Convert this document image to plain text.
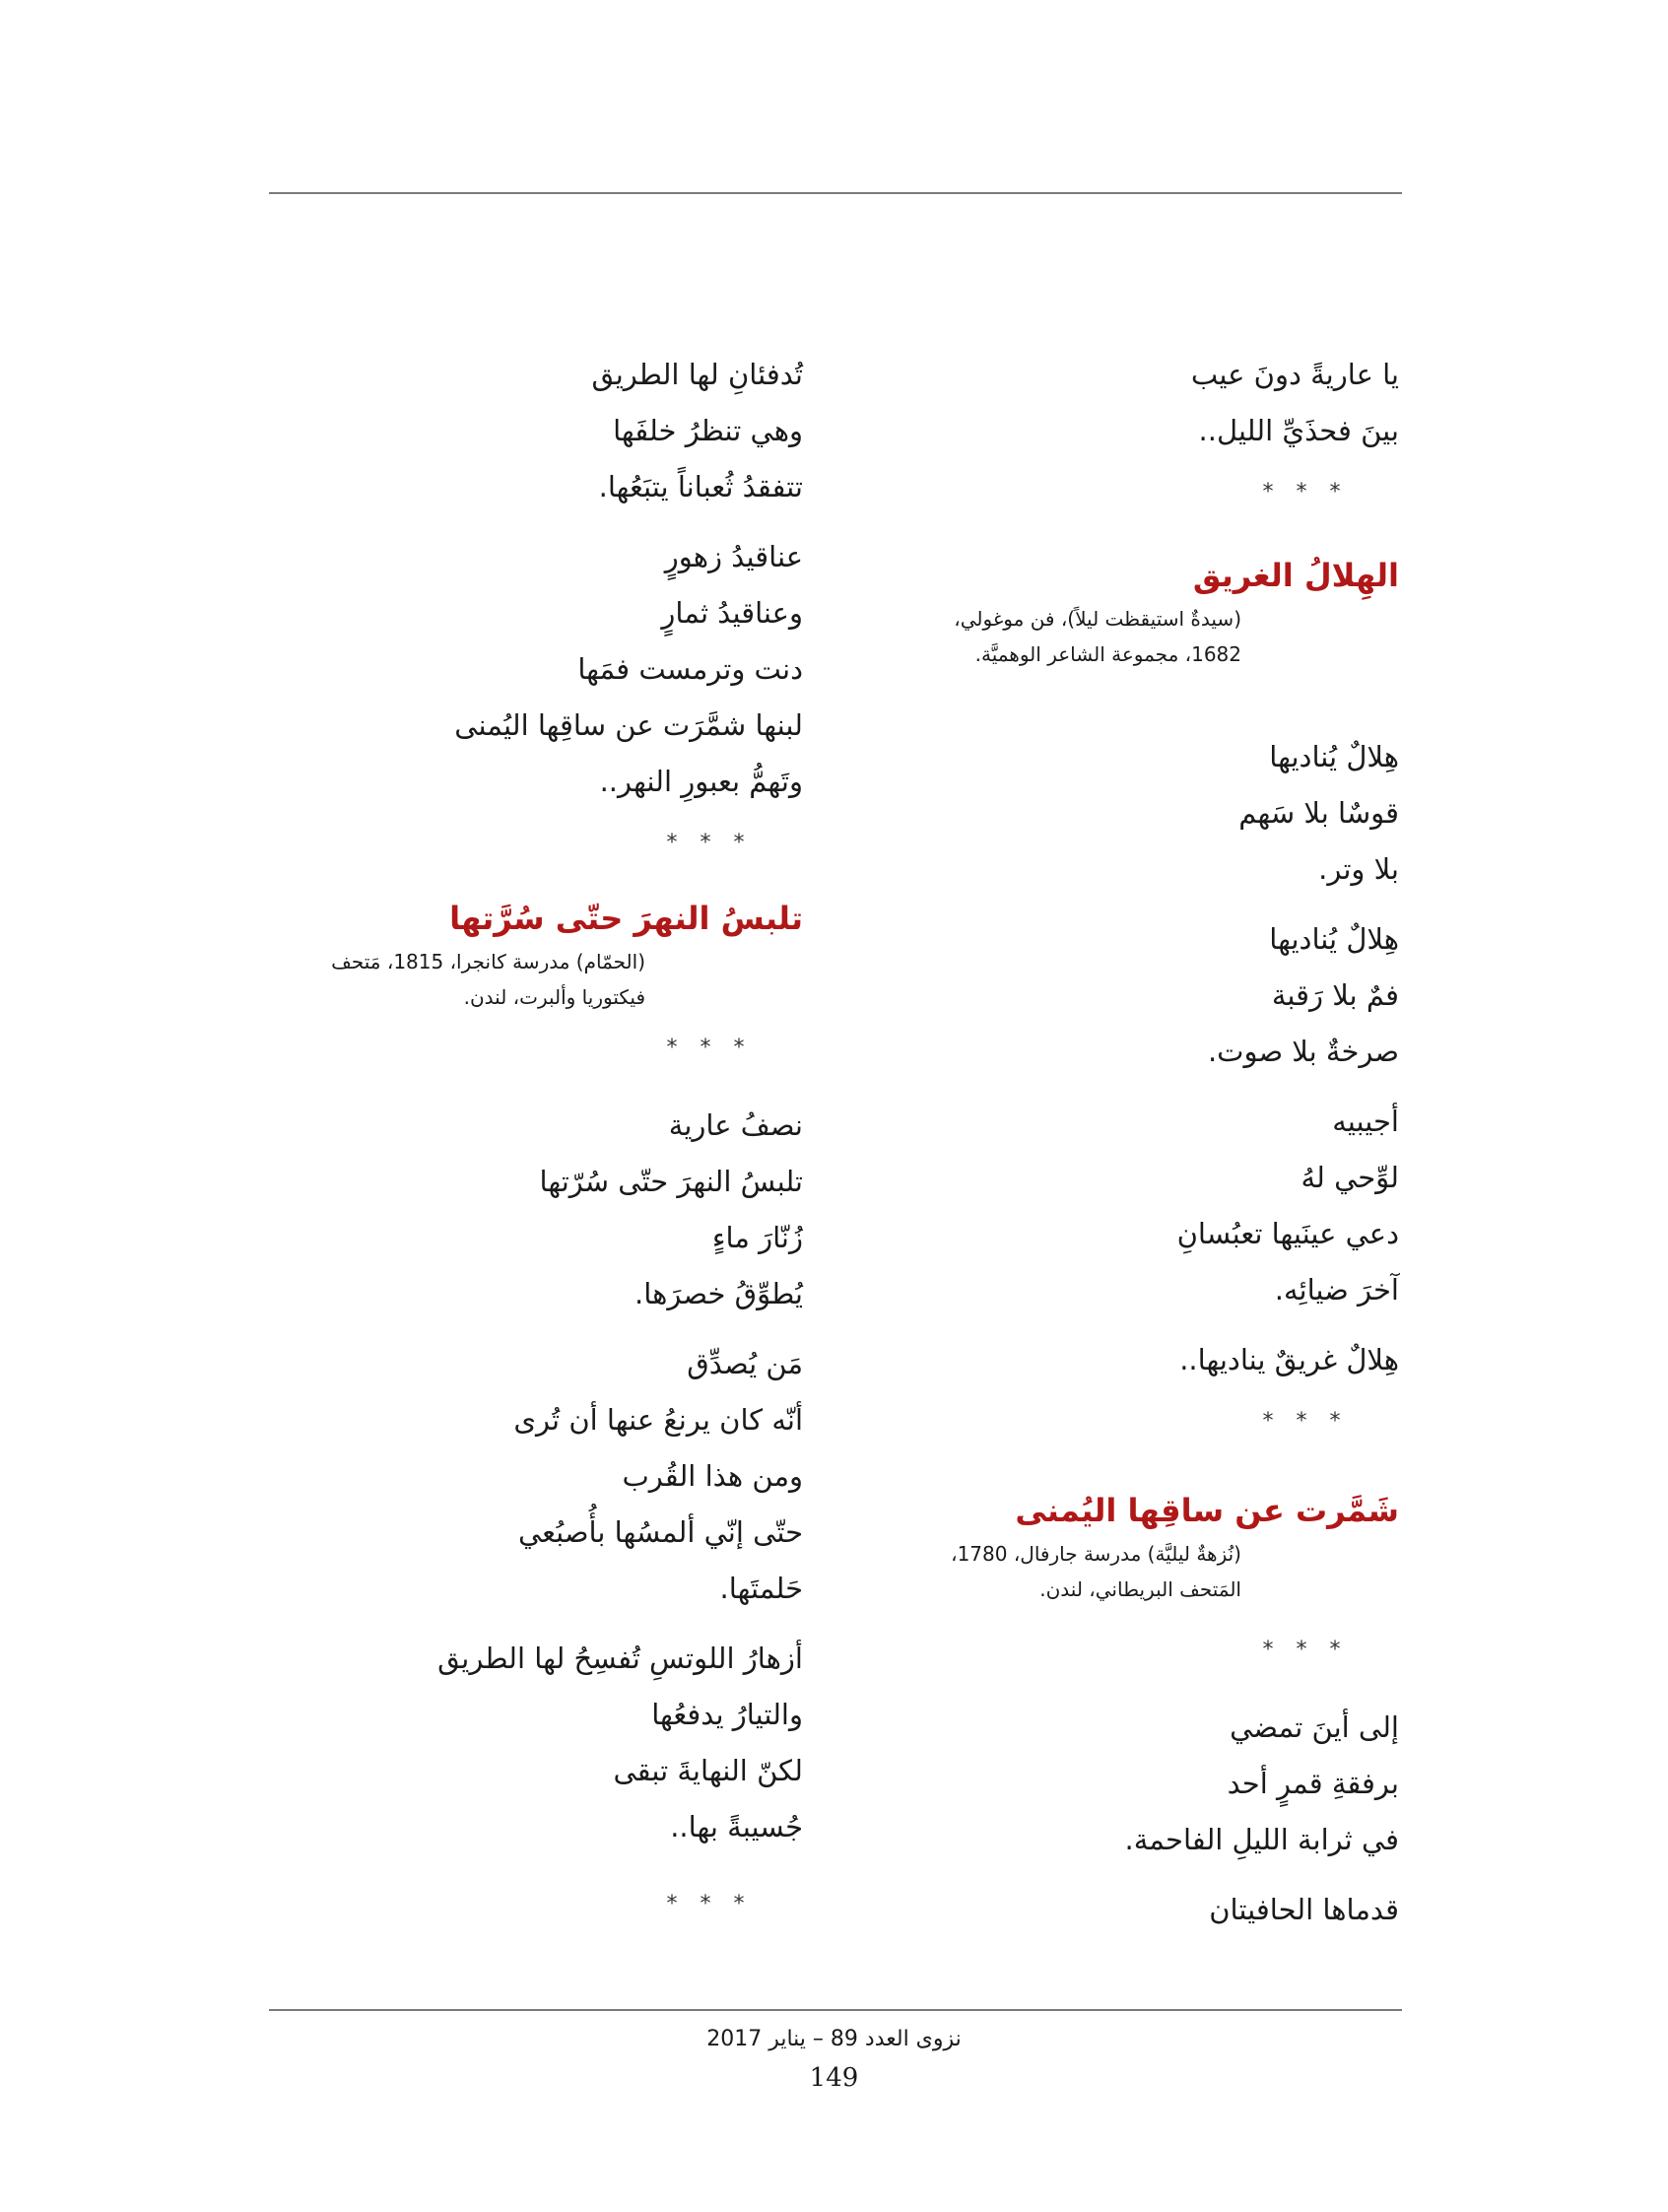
يا عاريةً دونَ عيب
بينَ فحذَيِّ الليل..
* * *
الهِلالُ الغريق
(سيدةٌ استيقظت ليلاً)، فن موغولي،
1682، مجموعة الشاعر الوهميَّة.
هِلالٌ يُناديها
قوسٌا بلا سَهم
بلا وتر.
هِلالٌ يُناديها
فمٌ بلا رَقبة
صرخةٌ بلا صوت.
أجيبيه
لوِّحي لهُ
دعي عينَيها تعبُسانِ
آخرَ ضيائِه.
هِلالٌ غريقٌ يناديها..
* * *
شَمَّرت عن ساقِها اليُمنى
(نُزهةٌ ليليَّة) مدرسة جارفال، 1780،
المَتحف البريطاني، لندن.
* * *
إلى أينَ تمضي
برفقةِ قمرٍ أحد
في ثرابة الليلِ الفاحمة.
قدماها الحافيتان
تُدفئانِ لها الطريق
وهي تنظرُ خلفَها
تتفقدُ ثُعباناً يتبَعُها.
عناقيدُ زهورٍ
وعناقيدُ ثمارٍ
دنت وترمست فمَها
لبنها شمَّرَت عن ساقِها اليُمنى
وتَهمُّ بعبورِ النهر..
* * *
تلبسُ النهرَ حتّى سُرَّتها
(الحمّام) مدرسة كانجرا، 1815، مَتحف
فيكتوريا وألبرت، لندن.
* * *
نصفُ عارية
تلبسُ النهرَ حتّى سُرّتها
زُنّارَ ماءٍ
يُطوِّقُ خصرَها.
مَن يُصدِّق
أنّه كان يرنعُ عنها أن تُرى
ومن هذا القُرب
حتّى إنّي ألمسُها بأُصبُعي
حَلمتَها.
أزهارُ اللوتسِ تُفسِحُ لها الطريق
والتيارُ يدفعُها
لكنّ النهايةَ تبقى
جُسيبةً بها..
* * *
نزوى العدد 89 – يناير 2017
149
